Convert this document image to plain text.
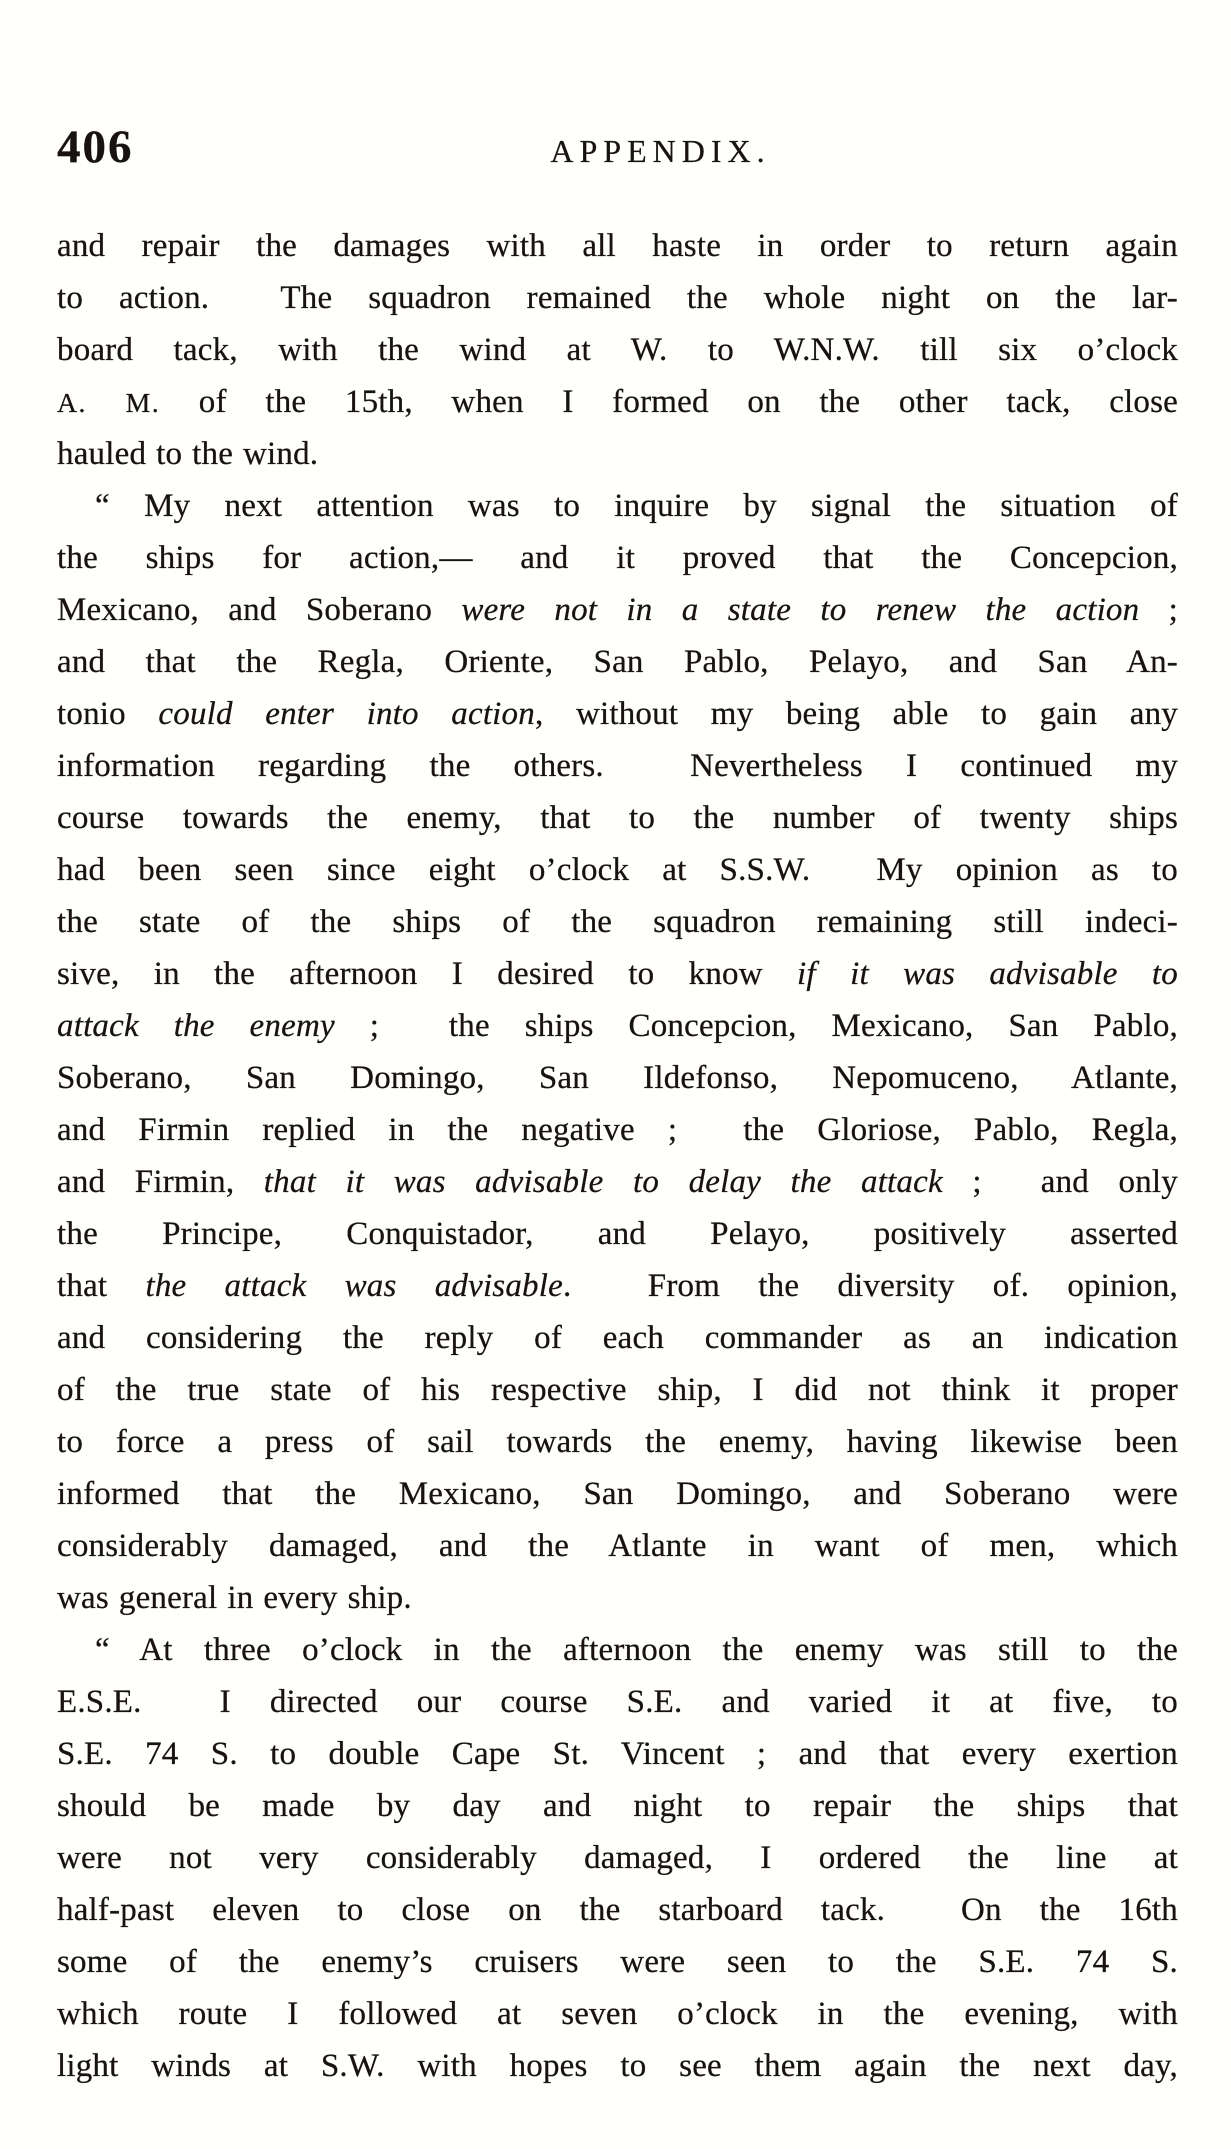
406	APPENDIX.
and repair the damages with all haste in order to return again
to action.  The squadron remained the whole night on the lar-
board tack, with the wind at W. to W.N.W. till six o’clock
A. M. of the 15th, when I formed on the other tack, close
hauled to the wind.
“ My next attention was to inquire by signal the situation of
the ships for action,— and it proved that the Concepcion,
Mexicano, and Soberano were not in a state to renew the action ;
and that the Regla, Oriente, San Pablo, Pelayo, and San An-
tonio could enter into action, without my being able to gain any
information regarding the others.  Nevertheless I continued my
course towards the enemy, that to the number of twenty ships
had been seen since eight o’clock at S.S.W.  My opinion as to
the state of the ships of the squadron remaining still indeci-
sive, in the afternoon I desired to know if it was advisable to
attack the enemy ;  the ships Concepcion, Mexicano, San Pablo,
Soberano, San Domingo, San Ildefonso, Nepomuceno, Atlante,
and Firmin replied in the negative ;  the Gloriose, Pablo, Regla,
and Firmin, that it was advisable to delay the attack ;  and only
the Principe, Conquistador, and Pelayo, positively asserted
that the attack was advisable.  From the diversity of. opinion,
and considering the reply of each commander as an indication
of the true state of his respective ship, I did not think it proper
to force a press of sail towards the enemy, having likewise been
informed that the Mexicano, San Domingo, and Soberano were
considerably damaged, and the Atlante in want of men, which
was general in every ship.
“ At three o’clock in the afternoon the enemy was still to the
E.S.E.  I directed our course S.E. and varied it at five, to
S.E. 74 S. to double Cape St. Vincent ; and that every exertion
should be made by day and night to repair the ships that
were not very considerably damaged, I ordered the line at
half-past eleven to close on the starboard tack.  On the 16th
some of the enemy’s cruisers were seen to the S.E. 74 S.
which route I followed at seven o’clock in the evening, with
light winds at S.W. with hopes to see them again the next day,
